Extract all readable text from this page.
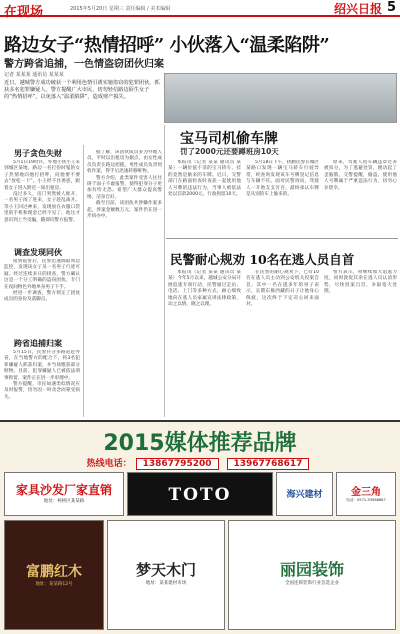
在现场	2015年5月20日 星期三 责任编辑 / 美术编辑	绍兴日报 5
路边女子“热情招呼” 小伙落入“温柔陷阱”
警方跨省追捕，一色情盗窃团伙归案
记者 某某某 通讯员 某某某
近日，越城警方成功破获一个利用色情引诱实施盗窃的犯罪团伙，抓获多名犯罪嫌疑人。警方提醒广大市民，切勿轻信路边陌生女子的“热情招呼”，以免落入“温柔陷阱”，造成财产损失。
男子贪色失财

5月1日19时许，外地小伙小王来到城区某地，路边一名打扮时髦的女子热情地向他打招呼，问他要不要去“放松一下”。小王经不住诱惑，跟着女子进入附近一间出租房。

没过多久，房门突然被人推开，一名男子闯了进来，女子趁乱离开。等小王回过神来，发现放在衣服口袋里的手机和现金已经不见了，他这才意识到上当受骗，随即向警方报警。

调查发现同伙

接到报警后，民警迅速调取周边监控，发现该女子及一名男子行迹可疑。经过连续多日的排查，警方确认这是一个分工明确的盗窃团伙，专门在夜间物色外地单身男子下手。

经进一步调查，警方锁定了团伙成员的身份及落脚点。

跨省追捕归案

5月15日，民警兵分多路赶赴外省，在当地警方的配合下，将3名犯罪嫌疑人抓获归案，并当场缴获部分赃物。目前，犯罪嫌疑人已被依法刑事拘留，案件正在进一步审理中。

警方提醒，市民如遇类似情况应及时报警，切勿因一时贪念而蒙受损失。

据了解，该团伙成员多为外地人员，平时以出租房为据点，由女性成员负责在路边招揽，男性成员负责伺机作案，得手后迅速转移赃物。

警方介绍，此类案件受害人往往碍于面子不敢报警，使得犯罪分子更加有恃无恐。希望广大群众提高警惕，洁身自好。

截至目前，该团伙共涉嫌作案多起，涉案金额数万元，案件仍在进一步侦办中。

宝马司机偷车牌
罚了2000元还要蹲班房10天

本报讯（记者 某某 通讯员 某某）一辆价值不菲的宝马轿车，挂的竟然是偷来的车牌。近日，交警部门在路面检查时查获一起使用他人号牌的违法行为，当事人被依法处以罚款2000元、行政拘留10天。

5月18日下午，执勤民警在城区某路口发现一辆宝马轿车行驶异常，经查询发现该车号牌登记信息与车辆不符。面对民警询问，驾驶人一开始支支吾吾，最终承认车牌是从别的车上偷来的。

原来，驾驶人因车辆违章过多被扣分，为了逃避处罚，便动起了歪脑筋。交警提醒，偷盗、使用他人号牌属于严重违法行为，切勿心存侥幸。

民警耐心规劝 10名在逃人员自首

本报讯（记者 某某 通讯员 某某）今年5月以来，越城公安分局开展追逃专项行动，民警通过走访、电话、上门等多种方式，耐心细致地向在逃人员家属宣讲法律政策，动之以情，晓之以理。

在民警的耐心规劝下，已有10名在逃人员主动到公安机关投案自首。其中一名在逃多年的男子表示，长期东躲西藏的日子让他身心俱疲，这次终于下定决心回来面对。

警方表示，将继续加大追逃力度，同时敦促其余在逃人员认清形势，尽快投案自首，争取宽大处理。

2015媒体推荐品牌
热线电话： 13867795200 13967768617
家具沙发厂家直销
地址：柯桥区某某路	TOTO	海兴建材	金三角
电话：0571-53988887
富鹏红木
地址：某某路12号
梦天木门
地址：某某建材市场
丽园装饰
全国连锁装饰行业首选企业
